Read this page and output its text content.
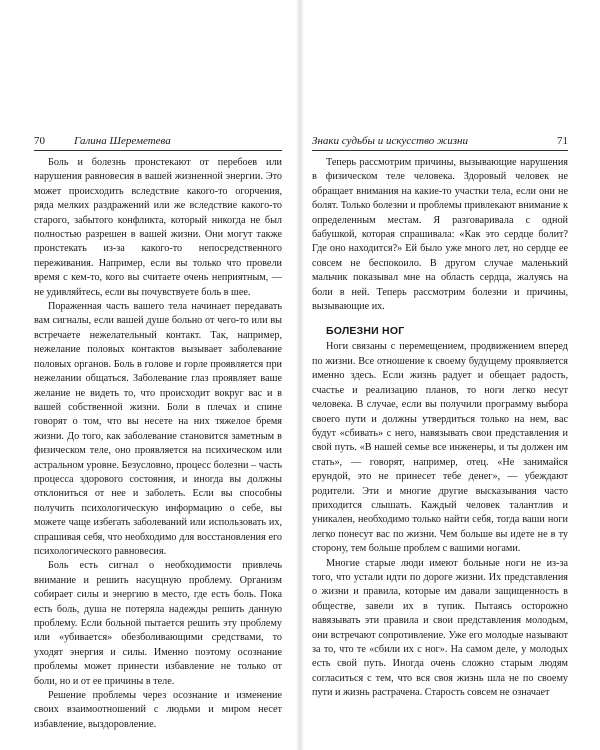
70	Галина Шереметева

Боль и болезнь пронстекают от перебоев или нарушения равновесия в вашей жизненной энергии. Это может происходить вследствие какого-то огорчения, ряда мелких раздражений или же вследствие какого-то старого, забытого конфликта, который никогда не был полностью разрешен в вашей жизни. Они могут также пронстекать из-за какого-то непосредственного переживания. Например, если вы только что провели время с кем-то, кого вы считаете очень неприятным, — не удивляйтесь, если вы почувствуете боль в шее.

Пораженная часть вашего тела начинает передавать вам сигналы, если вашей душе больно от чего-то или вы встречаете нежелательный контакт. Так, например, нежелание половых контактов вызывает заболевание половых органов. Боль в голове и горле проявляется при нежелании общаться. Заболевание глаз проявляет ваше желание не видеть то, что происходит вокруг вас и в вашей собственной жизни. Боли в плечах и спине говорят о том, что вы несете на них тяжелое бремя жизни. До того, как заболевание становится заметным в физическом теле, оно проявляется на психическом или астральном уровне. Безусловно, процесс болезни – часть процесса здорового состояния, и иногда вы должны отклониться от нее и заболеть. Если вы способны получить психологическую информацию о себе, вы можете чаще избегать заболеваний или использовать их, спрашивая себя, что необходимо для восстановления его психологического равновесия.

Боль есть сигнал о необходимости привлечь внимание и решить насущную проблему. Организм собирает силы и энергию в место, где есть боль. Пока есть боль, душа не потеряла надежды решить данную проблему. Если больной пытается решить эту проблему или «убивается» обезболивающими средствами, то уходят энергия и силы. Именно поэтому осознание проблемы может принести избавление не только от боли, но и от ее причины в теле.

Решение проблемы через осознание и изменение своих взаимоотношений с людьми и миром несет избавление, выздоровление.

Знаки судьбы и искусство жизни	71

Теперь рассмотрим причины, вызывающие нарушения в физическом теле человека. Здоровый человек не обращает внимания на какие-то участки тела, если они не болят. Только болезни и проблемы привлекают внимание к определенным местам. Я разговаривала с одной бабушкой, которая спрашивала: «Как это сердце болит? Где оно находится?» Ей было уже много лет, но сердце ее совсем не беспокоило. В другом случае маленький мальчик показывал мне на область сердца, жалуясь на боли в ней. Теперь рассмотрим болезни и причины, вызывающие их.

БОЛЕЗНИ НОГ

Ноги связаны с перемещением, продвижением вперед по жизни. Все отношение к своему будущему проявляется именно здесь. Если жизнь радует и обещает радость, счастье и реализацию планов, то ноги легко несут человека. В случае, если вы получили программу выбора своего пути и должны утвердиться только на нем, вас будут «сбивать» с него, навязывать свои представления и свой путь. «В нашей семье все инженеры, и ты должен им стать», — говорят, например, отец. «Не занимайся ерундой, это не принесет тебе денег», — убеждают родители. Эти и многие другие высказывания часто приходится слышать. Каждый человек талантлив и уникален, необходимо только найти себя, тогда ваши ноги легко понесут вас по жизни. Чем больше вы идете не в ту сторону, тем больше проблем с вашими ногами.

Многие старые люди имеют больные ноги не из-за того, что устали идти по дороге жизни. Их представления о жизни и правила, которые им давали защищенность в обществе, завели их в тупик. Пытаясь осторожно навязывать эти правила и свои представления молодым, они встречают сопротивление. Уже его молодые называют за то, что те «сбили их с ног». На самом деле, у молодых есть свой путь. Иногда очень сложно старым людям согласиться с тем, что вся своя жизнь шла не по своему пути и жизнь растрачена. Старость совсем не означает
